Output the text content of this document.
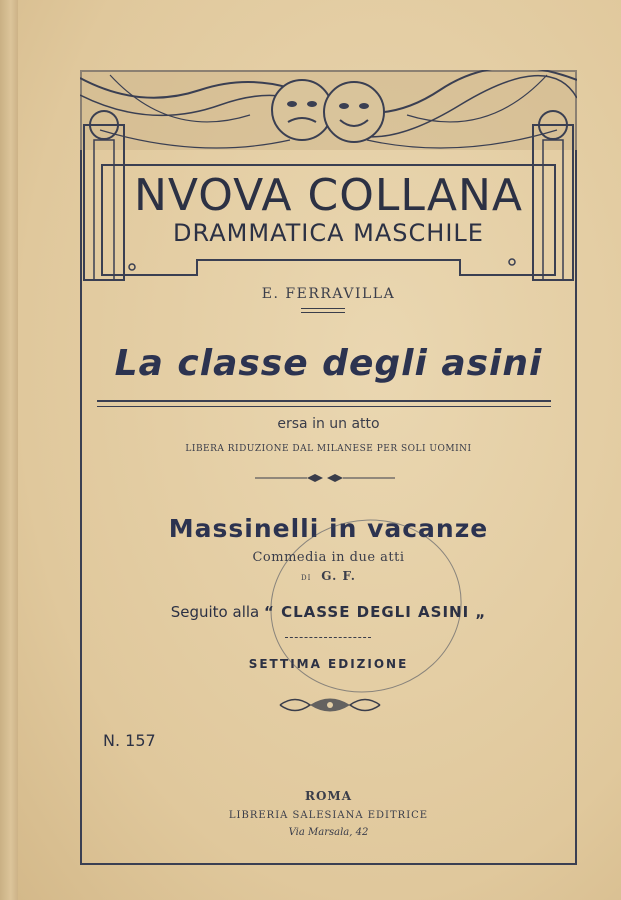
NVOVA COLLANA
DRAMMATICA MASCHILE
E. FERRAVILLA
La classe degli asini
ersa in un atto
LIBERA RIDUZIONE DAL MILANESE PER SOLI UOMINI
Massinelli in vacanze
Commedia in due atti
DI G. F.
Seguito alla “ CLASSE DEGLI ASINI „
SETTIMA EDIZIONE
N. 157
ROMA
LIBRERIA SALESIANA EDITRICE
Via Marsala, 42
